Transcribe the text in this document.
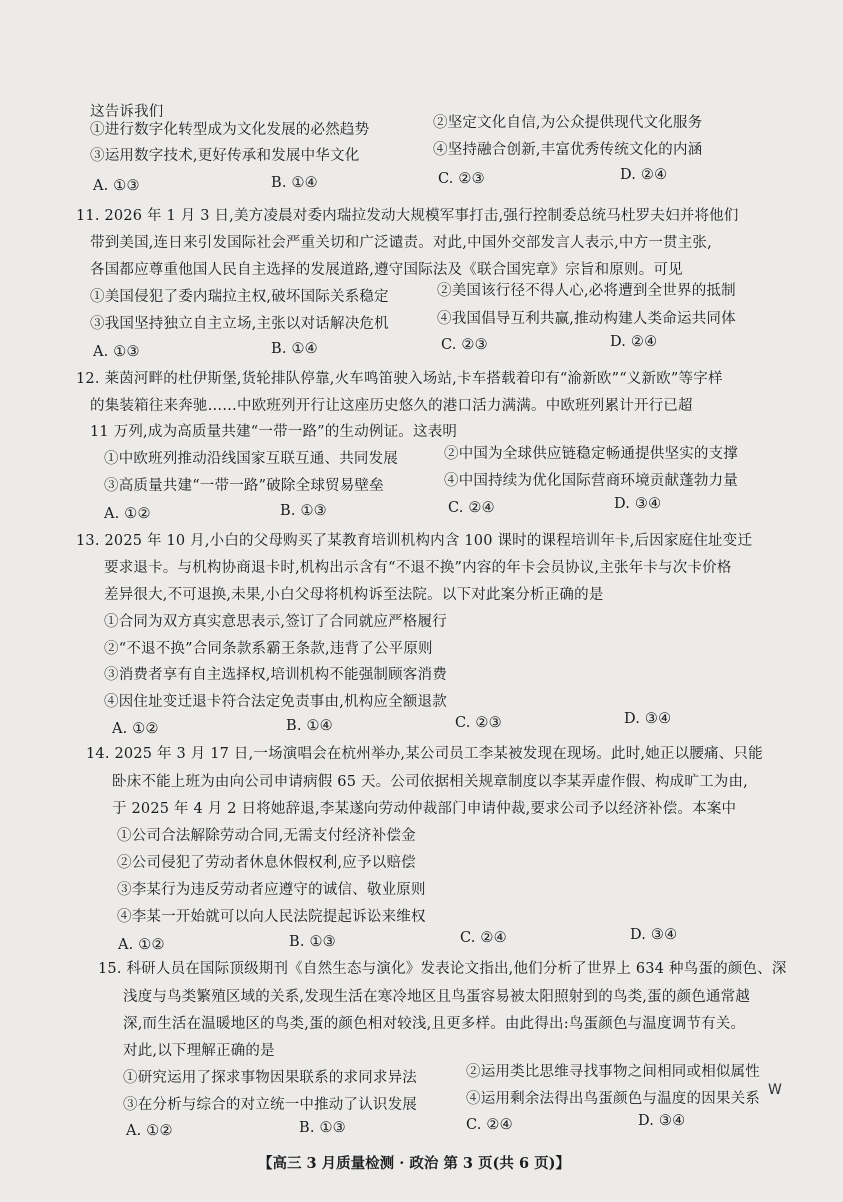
这告诉我们
①进行数字化转型成为文化发展的必然趋势	②坚定文化自信,为公众提供现代文化服务
③运用数字技术,更好传承和发展中华文化	④坚持融合创新,丰富优秀传统文化的内涵
A. ①③	B. ①④	C. ②③	D. ②④
11. 2026 年 1 月 3 日,美方凌晨对委内瑞拉发动大规模军事打击,强行控制委总统马杜罗夫妇并将他们
带到美国,连日来引发国际社会严重关切和广泛谴责。对此,中国外交部发言人表示,中方一贯主张,
各国都应尊重他国人民自主选择的发展道路,遵守国际法及《联合国宪章》宗旨和原则。可见
①美国侵犯了委内瑞拉主权,破坏国际关系稳定	②美国该行径不得人心,必将遭到全世界的抵制
③我国坚持独立自主立场,主张以对话解决危机	④我国倡导互利共赢,推动构建人类命运共同体
A. ①③	B. ①④	C. ②③	D. ②④
12. 莱茵河畔的杜伊斯堡,货轮排队停靠,火车鸣笛驶入场站,卡车搭载着印有“渝新欧”“义新欧”等字样
的集装箱往来奔驰……中欧班列开行让这座历史悠久的港口活力满满。中欧班列累计开行已超
11 万列,成为高质量共建“一带一路”的生动例证。这表明
①中欧班列推动沿线国家互联互通、共同发展	②中国为全球供应链稳定畅通提供坚实的支撑
③高质量共建“一带一路”破除全球贸易壁垒	④中国持续为优化国际营商环境贡献蓬勃力量
A. ①②	B. ①③	C. ②④	D. ③④
13. 2025 年 10 月,小白的父母购买了某教育培训机构内含 100 课时的课程培训年卡,后因家庭住址变迁
要求退卡。与机构协商退卡时,机构出示含有“不退不换”内容的年卡会员协议,主张年卡与次卡价格
差异很大,不可退换,未果,小白父母将机构诉至法院。以下对此案分析正确的是
①合同为双方真实意思表示,签订了合同就应严格履行
②“不退不换”合同条款系霸王条款,违背了公平原则
③消费者享有自主选择权,培训机构不能强制顾客消费
④因住址变迁退卡符合法定免责事由,机构应全额退款
A. ①②	B. ①④	C. ②③	D. ③④
14. 2025 年 3 月 17 日,一场演唱会在杭州举办,某公司员工李某被发现在现场。此时,她正以腰痛、只能
卧床不能上班为由向公司申请病假 65 天。公司依据相关规章制度以李某弄虚作假、构成旷工为由,
于 2025 年 4 月 2 日将她辞退,李某遂向劳动仲裁部门申请仲裁,要求公司予以经济补偿。本案中
①公司合法解除劳动合同,无需支付经济补偿金
②公司侵犯了劳动者休息休假权利,应予以赔偿
③李某行为违反劳动者应遵守的诚信、敬业原则
④李某一开始就可以向人民法院提起诉讼来维权
A. ①②	B. ①③	C. ②④	D. ③④
15. 科研人员在国际顶级期刊《自然生态与演化》发表论文指出,他们分析了世界上 634 种鸟蛋的颜色、深
浅度与鸟类繁殖区域的关系,发现生活在寒冷地区且鸟蛋容易被太阳照射到的鸟类,蛋的颜色通常越
深,而生活在温暖地区的鸟类,蛋的颜色相对较浅,且更多样。由此得出:鸟蛋颜色与温度调节有关。
对此,以下理解正确的是
①研究运用了探求事物因果联系的求同求异法	②运用类比思维寻找事物之间相同或相似属性
③在分析与综合的对立统一中推动了认识发展	④运用剩余法得出鸟蛋颜色与温度的因果关系
A. ①②	B. ①③	C. ②④	D. ③④
【高三 3 月质量检测 · 政治 第 3 页(共 6 页)】
W
